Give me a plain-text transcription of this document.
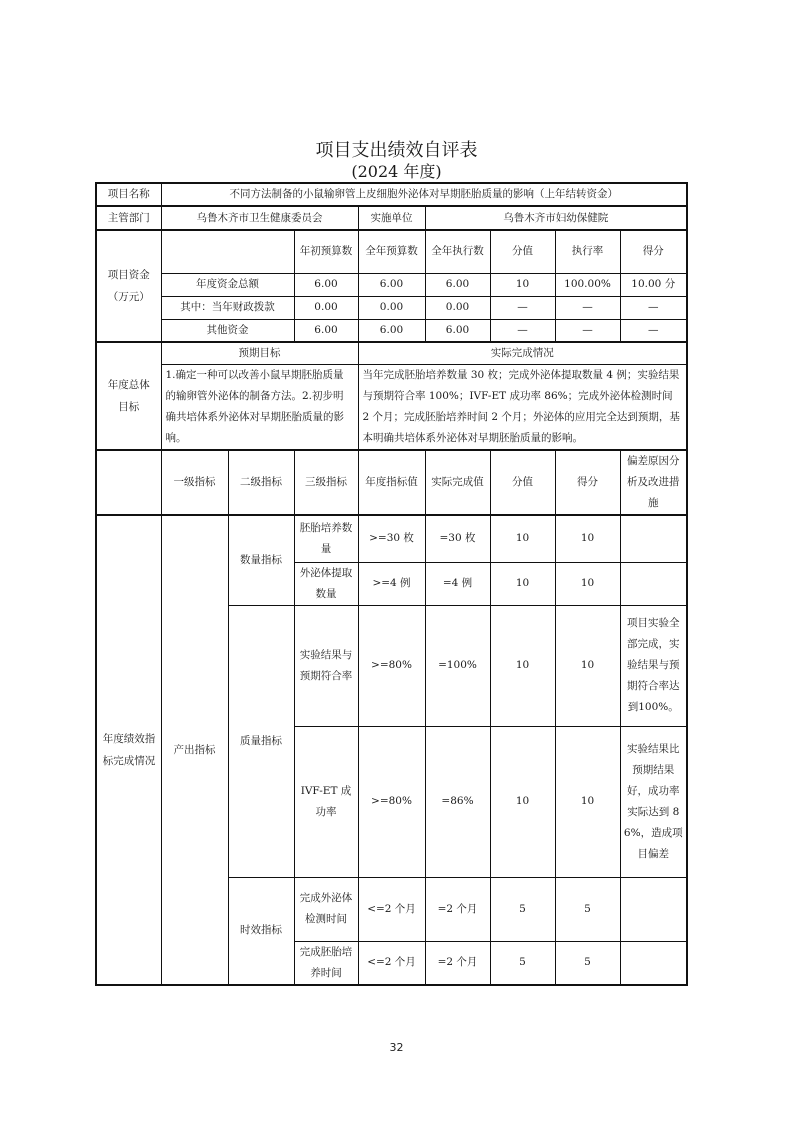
项目支出绩效自评表
(2024 年度)
项目名称	不同方法制备的小鼠输卵管上皮细胞外泌体对早期胚胎质量的影响（上年结转资金）							
主管部门	乌鲁木齐市卫生健康委员会			实施单位	乌鲁木齐市妇幼保健院			
项目资金（万元）			年初预算数	全年预算数	全年执行数	分值	执行率	得分
	年度资金总额		6.00	6.00	6.00	10	100.00%	10.00 分
	其中：当年财政拨款		0.00	0.00	0.00	—	—	—
	其他资金		6.00	6.00	6.00	—	—	—
年度总体目标	预期目标			实际完成情况				
	1.确定一种可以改善小鼠早期胚胎质量的输卵管外泌体的制备方法。2.初步明确共培体系外泌体对早期胚胎质量的影响。			当年完成胚胎培养数量 30 枚；完成外泌体提取数量 4 例；实验结果与预期符合率 100%；IVF-ET 成功率 86%；完成外泌体检测时间 2 个月；完成胚胎培养时间 2 个月；外泌体的应用完全达到预期，基本明确共培体系外泌体对早期胚胎质量的影响。				
	一级指标	二级指标	三级指标	年度指标值	实际完成值	分值	得分	偏差原因分析及改进措施
年度绩效指标完成情况	产出指标	数量指标	胚胎培养数量	>=30 枚	=30 枚	10	10	
			外泌体提取数量	>=4 例	=4 例	10	10	
		质量指标	实验结果与预期符合率	>=80%	=100%	10	10	项目实验全部完成，实验结果与预期符合率达到100%。
			IVF-ET 成功率	>=80%	=86%	10	10	实验结果比预期结果好，成功率实际达到 86%，造成项目偏差
		时效指标	完成外泌体检测时间	<=2 个月	=2 个月	5	5	
			完成胚胎培养时间	<=2 个月	=2 个月	5	5	
32
